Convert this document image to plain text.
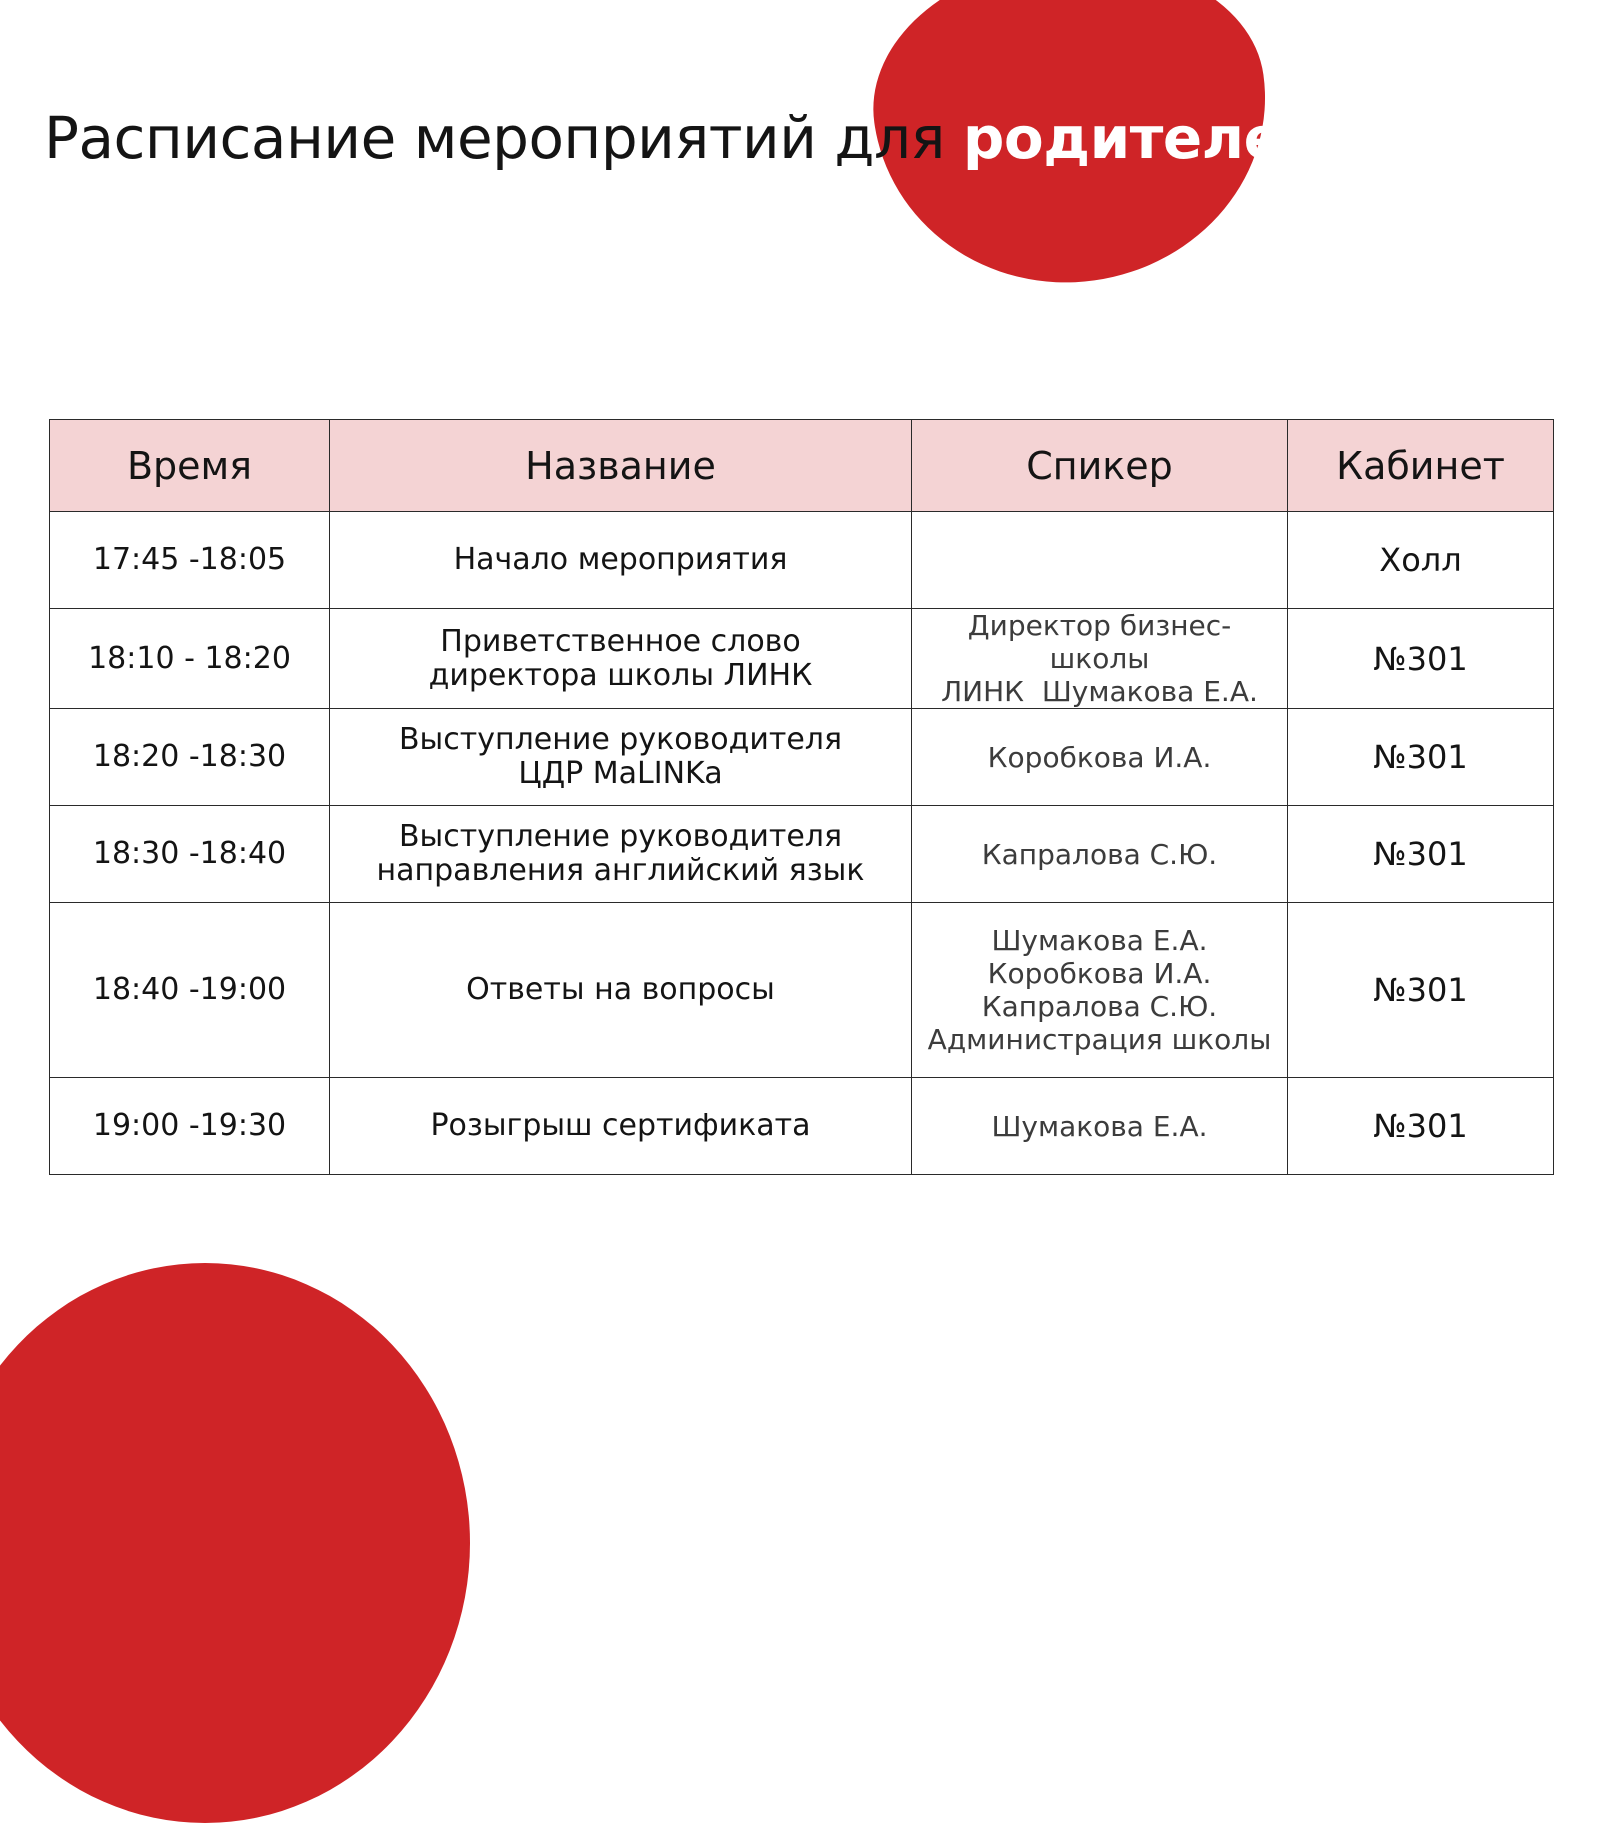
Расписание мероприятий для родителей
Время	Название	Спикер	Кабинет
17:45 -18:05	Начало мероприятия		Холл
18:10 - 18:20	Приветственное слово
директора школы ЛИНК	Директор бизнес-школы
ЛИНК  Шумакова Е.А.	№301
18:20 -18:30	Выступление руководителя
ЦДР MaLINKa	Коробкова И.А.	№301
18:30 -18:40	Выступление руководителя
направления английский язык	Капралова С.Ю.	№301
18:40 -19:00	Ответы на вопросы	Шумакова Е.А.
Коробкова И.А.
Капралова С.Ю.
Администрация школы	№301
19:00 -19:30	Розыгрыш сертификата	Шумакова Е.А.	№301
